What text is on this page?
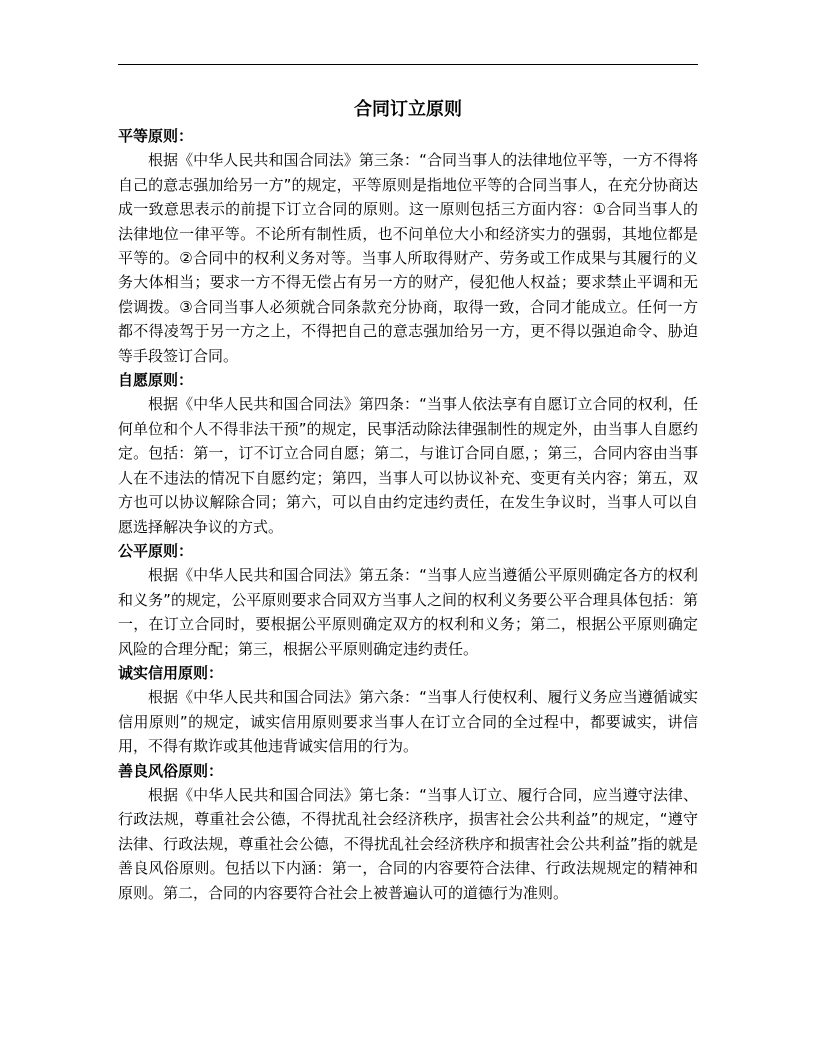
合同订立原则

平等原则：

根据《中华人民共和国合同法》第三条：“合同当事人的法律地位平等，一方不得将自己的意志强加给另一方”的规定，平等原则是指地位平等的合同当事人，在充分协商达成一致意思表示的前提下订立合同的原则。这一原则包括三方面内容：①合同当事人的法律地位一律平等。不论所有制性质，也不问单位大小和经济实力的强弱，其地位都是平等的。②合同中的权利义务对等。当事人所取得财产、劳务或工作成果与其履行的义务大体相当；要求一方不得无偿占有另一方的财产，侵犯他人权益；要求禁止平调和无偿调拨。③合同当事人必须就合同条款充分协商，取得一致，合同才能成立。任何一方都不得凌驾于另一方之上，不得把自己的意志强加给另一方，更不得以强迫命令、胁迫等手段签订合同。

自愿原则：

根据《中华人民共和国合同法》第四条：“当事人依法享有自愿订立合同的权利，任何单位和个人不得非法干预”的规定，民事活动除法律强制性的规定外，由当事人自愿约定。包括：第一，订不订立合同自愿；第二，与谁订合同自愿，；第三，合同内容由当事人在不违法的情况下自愿约定；第四，当事人可以协议补充、变更有关内容；第五，双方也可以协议解除合同；第六，可以自由约定违约责任，在发生争议时，当事人可以自愿选择解决争议的方式。

公平原则：

根据《中华人民共和国合同法》第五条：“当事人应当遵循公平原则确定各方的权利和义务”的规定，公平原则要求合同双方当事人之间的权利义务要公平合理具体包括：第一，在订立合同时，要根据公平原则确定双方的权利和义务；第二，根据公平原则确定风险的合理分配；第三，根据公平原则确定违约责任。

诚实信用原则：

根据《中华人民共和国合同法》第六条：“当事人行使权利、履行义务应当遵循诚实信用原则”的规定，诚实信用原则要求当事人在订立合同的全过程中，都要诚实，讲信用，不得有欺诈或其他违背诚实信用的行为。

善良风俗原则：

根据《中华人民共和国合同法》第七条：“当事人订立、履行合同，应当遵守法律、行政法规，尊重社会公德，不得扰乱社会经济秩序，损害社会公共利益”的规定，“遵守法律、行政法规，尊重社会公德，不得扰乱社会经济秩序和损害社会公共利益”指的就是善良风俗原则。包括以下内涵：第一，合同的内容要符合法律、行政法规规定的精神和原则。第二，合同的内容要符合社会上被普遍认可的道德行为准则。
